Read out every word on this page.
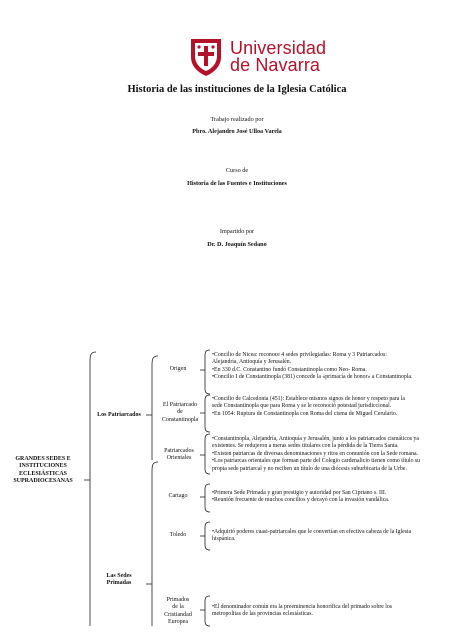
Universidad
de Navarra
Historia de las instituciones de la Iglesia Católica
Trabajo realizado por
Pbro. Alejandro José Ulloa Varela
Curso de
Historia de las Fuentes e Instituciones
Impartido por
Dr. D. Joaquín Sedano
GRANDES SEDES E
INSTITUCIONES
ECLESIÁSTICAS
SUPRADIOCESANAS
Los Patriarcados
Las Sedes
Primadas
Origen
El Patriarcado
de
Constantinopla
Patriarcados
Orientales
Cartago
Toledo
Primados
de la
Cristiandad
Europea
•Concilio de Nicea: reconoce 4 sedes privilegiadas: Roma y 3 Patriarcados:
Alejandría, Antioquía y Jerusalén.
•En 330 d.C. Constantino fundó Constantinopla como Neo- Roma.
•Concilio I de Constantinopla (381) concede la «primacía de honor» a Constantinopla.
•Concilio de Calcedonia (451): Establece mismos signos de honor y respeto para la
sede Constantinopla que para Roma y se le reconoció potestad jurisdiccional.
•En 1054: Ruptura de Constantinopla con Roma del cisma de Miguel Cerulario.
•Constantinopla, Alejandría, Antioquía y Jerusalén, junto a los patriarcados cismáticos ya
existentes. Se redujeron a meras sedes titulares con la pérdida de la Tierra Santa.
•Existen patriarcas de diversas denominaciones y ritos en comunión con la Sede romana.
•Los patriarcas orientales que forman parte del Colegio cardenalicio tienen como título su
propia sede patriarcal y no reciben un título de una diócesis suburbicaria de la Urbe.
•Primera Sede Primada y gran prestigio y autoridad por San Cipriano s. III.
•Reunión frecuente de muchos concilios y decayó con la invasión vandálica.
•Adquirió poderes cuasi-patriarcales que le convertían en efectiva cabeza de la Iglesia
hispánica.
•El denominador común era la preeminencia honorífica del primado sobre los
metropolitas de las provincias eclesiásticas.
